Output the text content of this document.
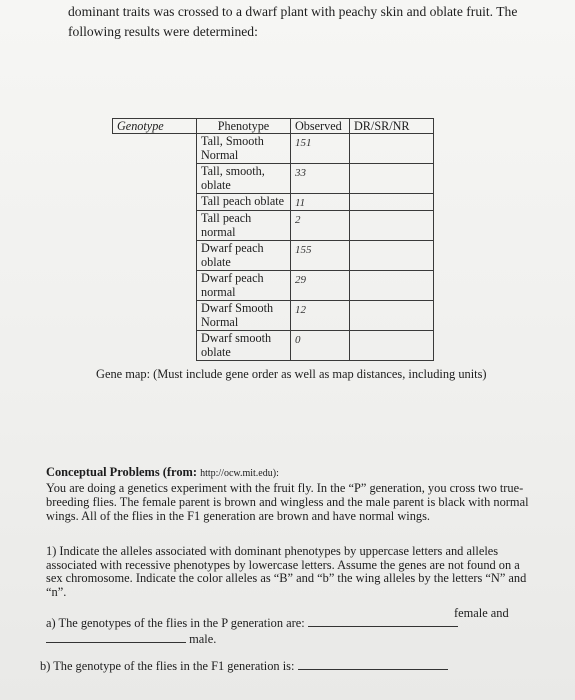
dominant traits was crossed to a dwarf plant with peachy skin and oblate fruit. The
following results were determined:
Genotype	Phenotype	Observed	DR/SR/NR
	Tall, Smooth Normal	151	
	Tall, smooth, oblate	33	
	Tall peach oblate	11	
	Tall peach normal	2	
	Dwarf peach oblate	155	
	Dwarf peach normal	29	
	Dwarf Smooth Normal	12	
	Dwarf smooth oblate	0	
Gene map: (Must include gene order as well as map distances, including units)
Conceptual Problems (from: http://ocw.mit.edu):
You are doing a genetics experiment with the fruit fly. In the “P” generation, you cross two true-breeding flies. The female parent is brown and wingless and the male parent is black with normal wings. All of the flies in the F1 generation are brown and have normal wings.
1) Indicate the alleles associated with dominant phenotypes by uppercase letters and alleles associated with recessive phenotypes by lowercase letters. Assume the genes are not found on a sex chromosome. Indicate the color alleles as “B” and “b” the wing alleles by the letters “N” and “n”.
a) The genotypes of the flies in the P generation are:
female and
male.
b) The genotype of the flies in the F1 generation is:
